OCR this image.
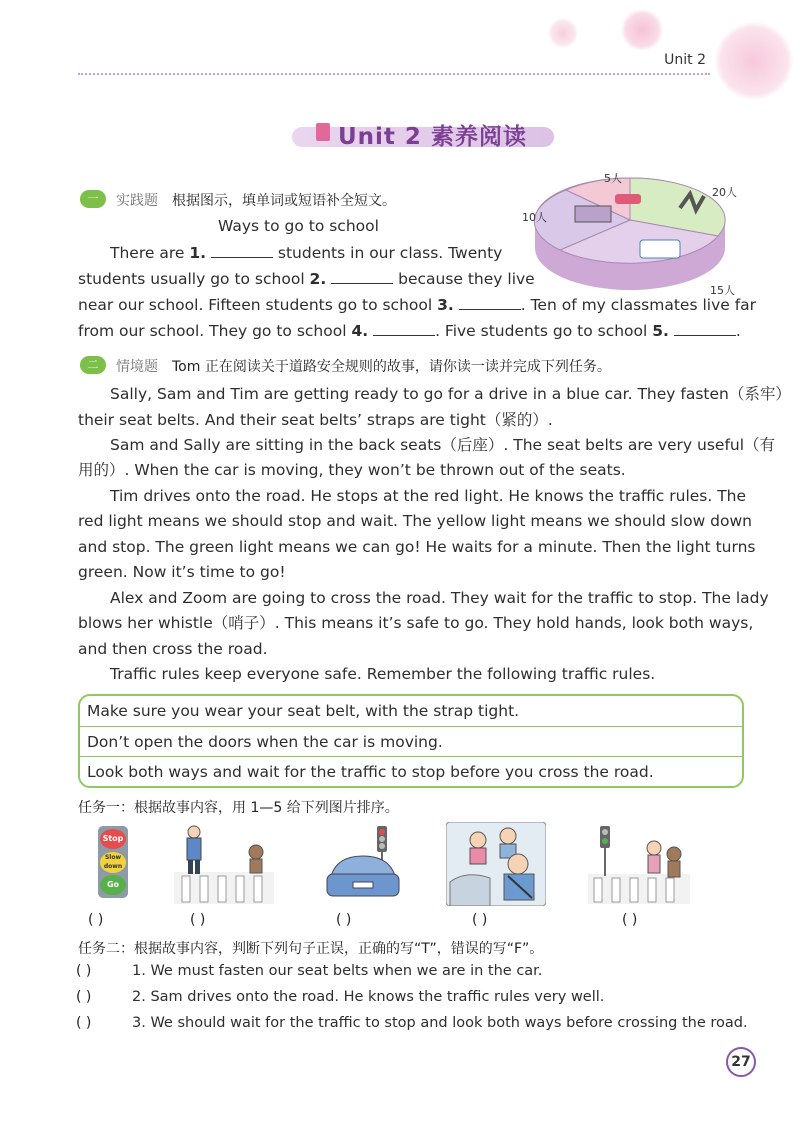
Unit 2
Unit 2 素养阅读
一	实践题 根据图示，填单词或短语补全短文。
Ways to go to school
There are 1.	students in our class. Twenty
students usually go to school 2.	because they live
near our school. Fifteen students go to school 3.	. Ten of my classmates live far
from our school. They go to school 4.	. Five students go to school 5.	.
5人
20人
10人
15人
二	情境题 Tom 正在阅读关于道路安全规则的故事，请你读一读并完成下列任务。
Sally, Sam and Tim are getting ready to go for a drive in a blue car. They fasten（系牢）
their seat belts. And their seat belts’ straps are tight（紧的）.
Sam and Sally are sitting in the back seats（后座）. The seat belts are very useful（有
用的）. When the car is moving, they won’t be thrown out of the seats.
Tim drives onto the road. He stops at the red light. He knows the traffic rules. The
red light means we should stop and wait. The yellow light means we should slow down
and stop. The green light means we can go! He waits for a minute. Then the light turns
green. Now it’s time to go!
Alex and Zoom are going to cross the road. They wait for the traffic to stop. The lady
blows her whistle（哨子）. This means it’s safe to go. They hold hands, look both ways,
and then cross the road.
Traffic rules keep everyone safe. Remember the following traffic rules.
Make sure you wear your seat belt, with the strap tight.
Don’t open the doors when the car is moving.
Look both ways and wait for the traffic to stop before you cross the road.
任务一：根据故事内容，用 1—5 给下列图片排序。
Stop
Slow down
Go
( )	( )	( )	( )	( )
任务二：根据故事内容，判断下列句子正误，正确的写“T”，错误的写“F”。
( )	1. We must fasten our seat belts when we are in the car.
( )	2. Sam drives onto the road. He knows the traffic rules very well.
( )	3. We should wait for the traffic to stop and look both ways before crossing the road.
27
